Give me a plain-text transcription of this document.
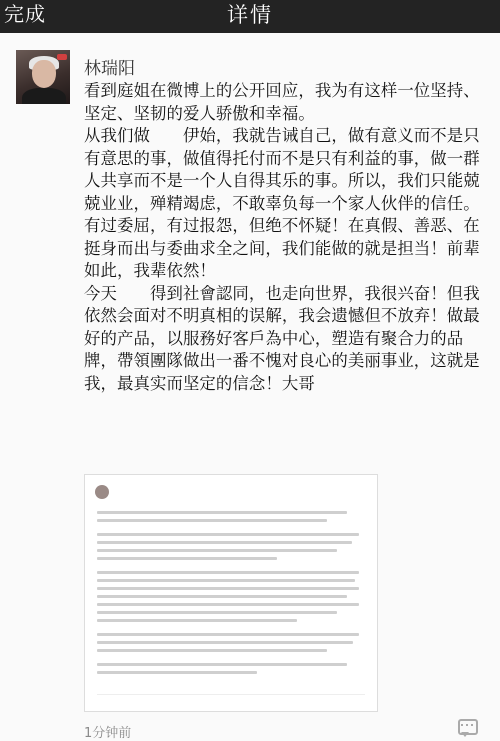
完成	详情
林瑞阳

看到庭姐在微博上的公开回应，我为有这样一位坚持、坚定、坚韧的爱人骄傲和幸福。

从我们做　　伊始，我就告诫自己，做有意义而不是只有意思的事，做值得托付而不是只有利益的事，做一群人共享而不是一个人自得其乐的事。所以，我们只能兢兢业业，殚精竭虑，不敢辜负每一个家人伙伴的信任。有过委屈，有过报怨，但绝不怀疑！在真假、善恶、在挺身而出与委曲求全之间，我们能做的就是担当！前辈如此，我辈依然！

今天　　得到社會認同，也走向世界，我很兴奋！但我依然会面对不明真相的误解，我会遗憾但不放弃！做最好的产品，以服務好客戶為中心，塑造有聚合力的品牌，帶領團隊做出一番不愧对良心的美丽事业，这就是我，最真实而坚定的信念！大哥

1分钟前
